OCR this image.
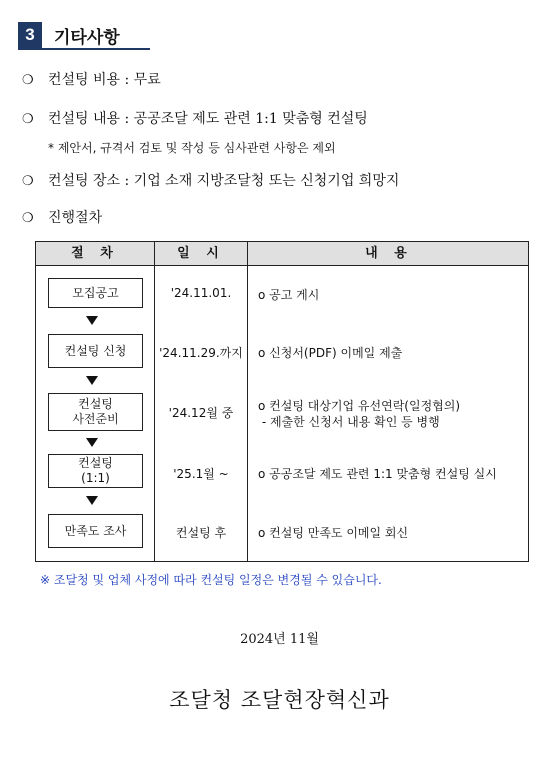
3	기타사항
❍ 컨설팅 비용 : 무료
❍ 컨설팅 내용 : 공공조달 제도 관련 1:1 맞춤형 컨설팅
* 제안서, 규격서 검토 및 작성 등 심사관련 사항은 제외
❍ 컨설팅 장소 : 기업 소재 지방조달청 또는 신청기업 희망지
❍ 진행절차
절 차	일 시	내 용
모집공고	'24.11.01.	o 공고 게시
컨설팅 신청	'24.11.29.까지 o 신청서(PDF) 이메일 제출
컨설팅
사전준비	'24.12월 중	o 컨설팅 대상기업 유선연락(일정협의)
- 제출한 신청서 내용 확인 등 병행
컨설팅
(1:1)	'25.1월 ~	o 공공조달 제도 관련 1:1 맞춤형 컨설팅 실시
만족도 조사	컨설팅 후	o 컨설팅 만족도 이메일 회신
※ 조달청 및 업체 사정에 따라 컨설팅 일정은 변경될 수 있습니다.
2024년 11월
조달청 조달현장혁신과
